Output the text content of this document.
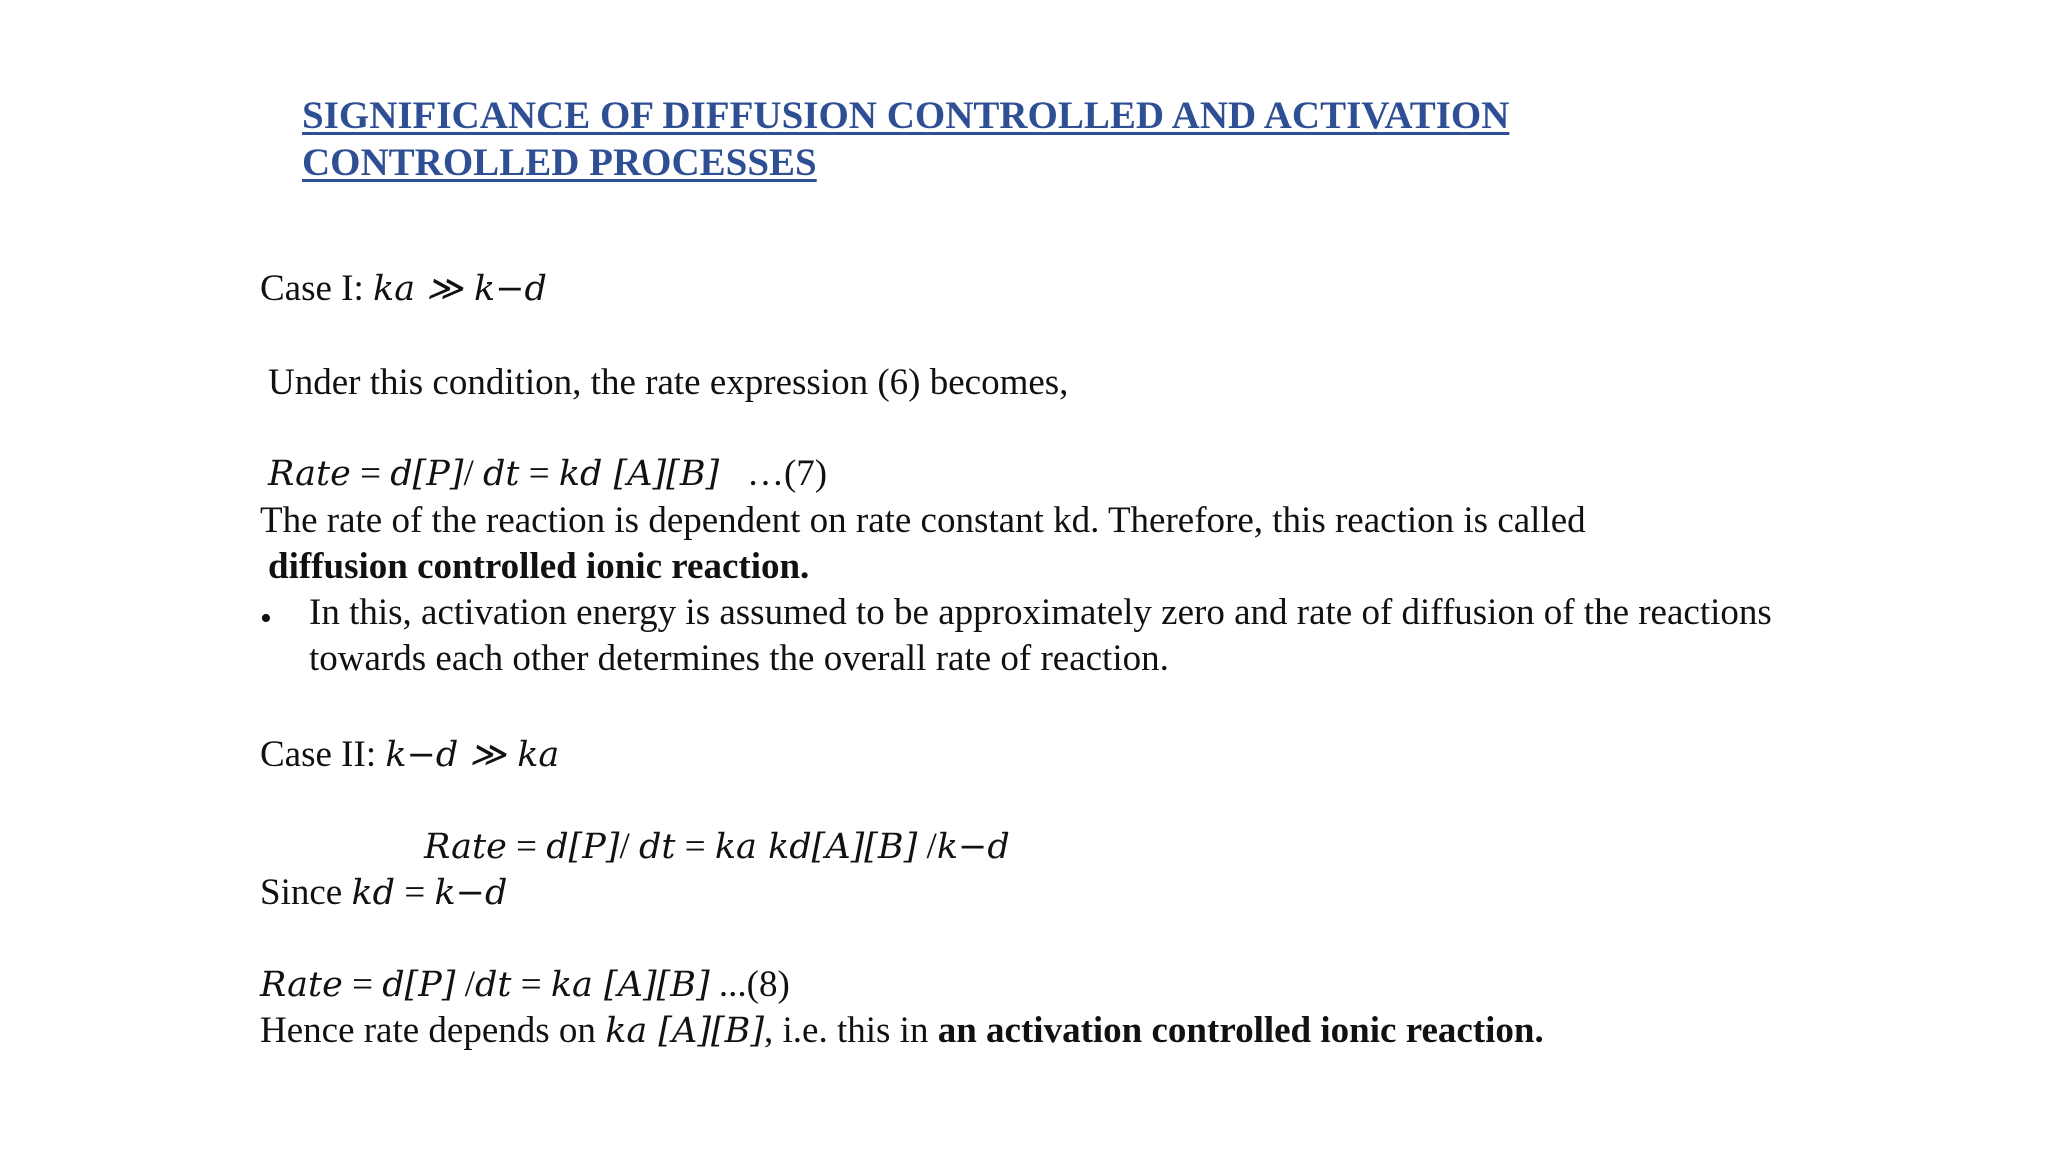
SIGNIFICANCE OF DIFFUSION CONTROLLED AND ACTIVATION
CONTROLLED PROCESSES
Case I: ka ≫ k−d
Under this condition, the rate expression (6) becomes,
Rate = d[P]/ dt = kd [A][B]   …(7)
The rate of the reaction is dependent on rate constant kd. Therefore, this reaction is called
diffusion controlled ionic reaction.
• In this, activation energy is assumed to be approximately zero and rate of diffusion of the reactions
towards each other determines the overall rate of reaction.
Case II: k−d ≫ ka
Rate = d[P]/ dt = ka kd[A][B] /k−d
Since kd = k−d
Rate = d[P] /dt = ka [A][B] ...(8)
Hence rate depends on ka [A][B], i.e. this in an activation controlled ionic reaction.
